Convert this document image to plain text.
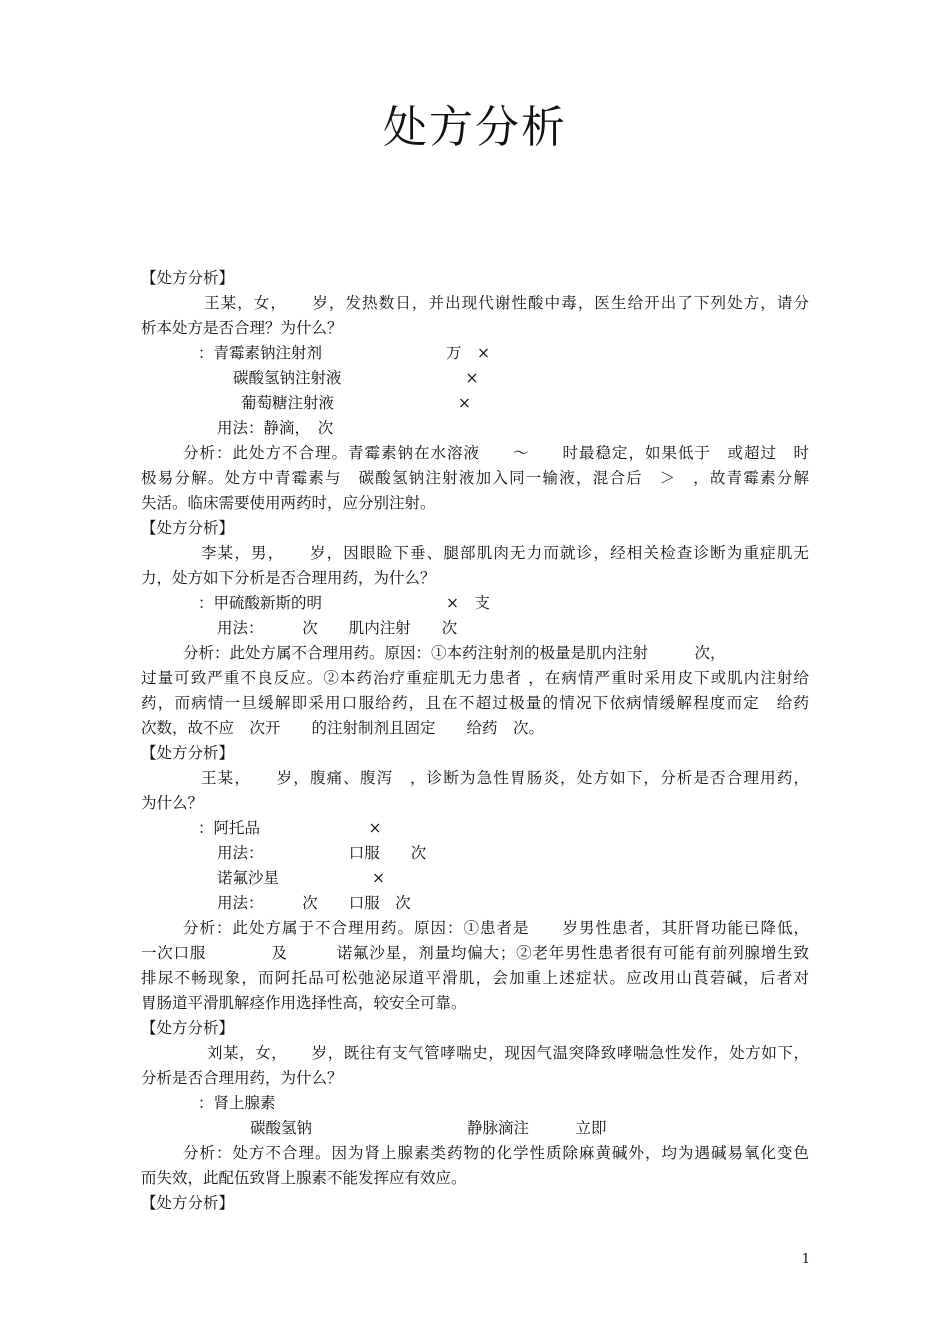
处方分析
【处方分析】
王某，女，　　岁，发热数日，并出现代谢性酸中毒，医生给开出了下列处方，请分
析本处方是否合理？为什么？
：青霉素钠注射剂　　　　　　　　万　×
碳酸氢钠注射液　　　　　　　　×
葡萄糖注射液　　　　　　　　×
用法：静滴，　次
分析：此处方不合理。青霉素钠在水溶液　　～　　时最稳定，如果低于　或超过　时
极易分解。处方中青霉素与　碳酸氢钠注射液加入同一输液，混合后　＞　，故青霉素分解
失活。临床需要使用两药时，应分别注射。
【处方分析】
李某，男，　　岁，因眼睑下垂、腿部肌肉无力而就诊，经相关检查诊断为重症肌无
力，处方如下分析是否合理用药，为什么？
：甲硫酸新斯的明　　　　　　　　×　支
用法：　　　次　　肌内注射　　次
分析：此处方属不合理用药。原因：①本药注射剂的极量是肌内注射　　　次，
过量可致严重不良反应。②本药治疗重症肌无力患者 ，在病情严重时采用皮下或肌内注射给
药，而病情一旦缓解即采用口服给药，且在不超过极量的情况下依病情缓解程度而定　给药
次数，故不应　次开　　的注射制剂且固定　　给药　次。
【处方分析】
王某，　　岁，腹痛、腹泻　，诊断为急性胃肠炎，处方如下，分析是否合理用药，
为什么？
：阿托品　　　　　　　×
用法：　　　　　　口服　　次
诺氟沙星　　　　　　×
用法：　　　次　　口服　次
分析：此处方属于不合理用药。原因：①患者是　　岁男性患者，其肝肾功能已降低，
一次口服　　　　及　　　诺氟沙星，剂量均偏大；②老年男性患者很有可能有前列腺增生致
排尿不畅现象，而阿托品可松弛泌尿道平滑肌，会加重上述症状。应改用山莨菪碱，后者对
胃肠道平滑肌解痉作用选择性高，较安全可靠。
【处方分析】
刘某，女，　　岁，既往有支气管哮喘史，现因气温突降致哮喘急性发作，处方如下，
分析是否合理用药，为什么？
：肾上腺素
碳酸氢钠　　　　　　　　　　静脉滴注　　　立即
分析：处方不合理。因为肾上腺素类药物的化学性质除麻黄碱外，均为遇碱易氧化变色
而失效，此配伍致肾上腺素不能发挥应有效应。
【处方分析】
1
